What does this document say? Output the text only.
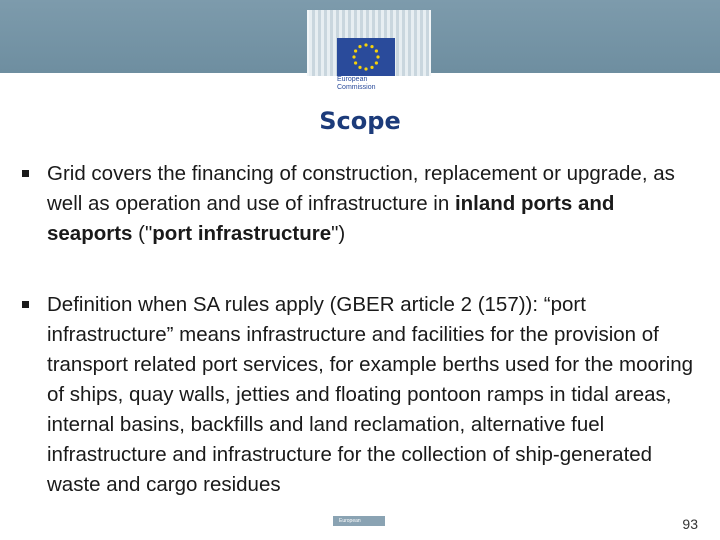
European
Commission
Scope
Grid covers the financing of construction, replacement or upgrade, as well as operation and use of infrastructure in inland ports and seaports ("port infrastructure")
Definition when SA rules apply (GBER article 2 (157)): “port infrastructure” means infrastructure and facilities for the provision of transport related port services, for example berths used for the mooring of ships, quay walls, jetties and floating pontoon ramps in tidal areas, internal basins, backfills and land reclamation, alternative fuel infrastructure and infrastructure for the collection of ship-generated waste and cargo residues
European Commission	93
